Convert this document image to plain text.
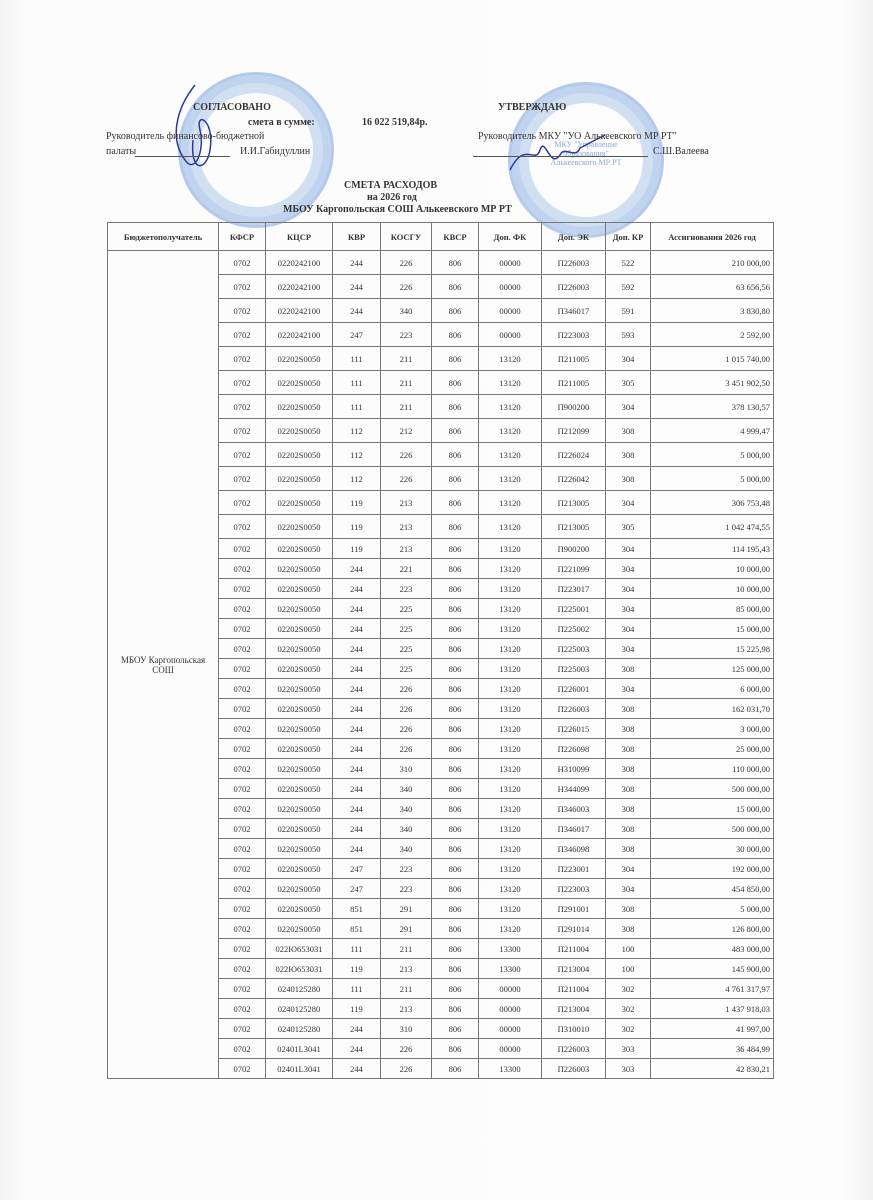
МКУ "Управление образования" Алькеевского МР РТ
СОГЛАСОВАНО
смета в сумме:	16 022 519,84р.
Руководитель финансово-бюджетной
палаты	И.И.Габидуллин
УТВЕРЖДАЮ
Руководитель МКУ "УО Алькеевского МР РТ"
С.Ш.Валеева
СМЕТА РАСХОДОВ
на 2026 год
МБОУ Каргопольская СОШ Алькеевского МР РТ
Бюджетополучатель	КФСР	КЦСР	КВР	КОСГУ	КВСР	Доп. ФК	Доп. ЭК	Доп. КР	Ассигнования 2026 год
МБОУ Каргопольская СОШ	0702	0220242100	244	226	806	00000	П226003	522	210 000,00
	0702	0220242100	244	226	806	00000	П226003	592	63 656,56
	0702	0220242100	244	340	806	00000	П346017	591	3 830,80
	0702	0220242100	247	223	806	00000	П223003	593	2 592,00
	0702	02202S0050	111	211	806	13120	П211005	304	1 015 740,00
	0702	02202S0050	111	211	806	13120	П211005	305	3 451 902,50
	0702	02202S0050	111	211	806	13120	П900200	304	378 130,57
	0702	02202S0050	112	212	806	13120	П212099	308	4 999,47
	0702	02202S0050	112	226	806	13120	П226024	308	5 000,00
	0702	02202S0050	112	226	806	13120	П226042	308	5 000,00
	0702	02202S0050	119	213	806	13120	П213005	304	306 753,48
	0702	02202S0050	119	213	806	13120	П213005	305	1 042 474,55
	0702	02202S0050	119	213	806	13120	П900200	304	114 195,43
	0702	02202S0050	244	221	806	13120	П221099	304	10 000,00
	0702	02202S0050	244	223	806	13120	П223017	304	10 000,00
	0702	02202S0050	244	225	806	13120	П225001	304	85 000,00
	0702	02202S0050	244	225	806	13120	П225002	304	15 000,00
	0702	02202S0050	244	225	806	13120	П225003	304	15 225,98
	0702	02202S0050	244	225	806	13120	П225003	308	125 000,00
	0702	02202S0050	244	226	806	13120	П226001	304	6 000,00
	0702	02202S0050	244	226	806	13120	П226003	308	162 031,70
	0702	02202S0050	244	226	806	13120	П226015	308	3 000,00
	0702	02202S0050	244	226	806	13120	П226098	308	25 000,00
	0702	02202S0050	244	310	806	13120	Н310099	308	110 000,00
	0702	02202S0050	244	340	806	13120	Н344099	308	500 000,00
	0702	02202S0050	244	340	806	13120	П346003	308	15 000,00
	0702	02202S0050	244	340	806	13120	П346017	308	500 000,00
	0702	02202S0050	244	340	806	13120	П346098	308	30 000,00
	0702	02202S0050	247	223	806	13120	П223001	304	192 000,00
	0702	02202S0050	247	223	806	13120	П223003	304	454 850,00
	0702	02202S0050	851	291	806	13120	П291001	308	5 000,00
	0702	02202S0050	851	291	806	13120	П291014	308	126 800,00
	0702	022Ю653031	111	211	806	13300	П211004	100	483 000,00
	0702	022Ю653031	119	213	806	13300	П213004	100	145 900,00
	0702	0240125280	111	211	806	00000	П211004	302	4 761 317,97
	0702	0240125280	119	213	806	00000	П213004	302	1 437 918,03
	0702	0240125280	244	310	806	00000	П310010	302	41 997,00
	0702	02401L3041	244	226	806	00000	П226003	303	36 484,99
	0702	02401L3041	244	226	806	13300	П226003	303	42 830,21
